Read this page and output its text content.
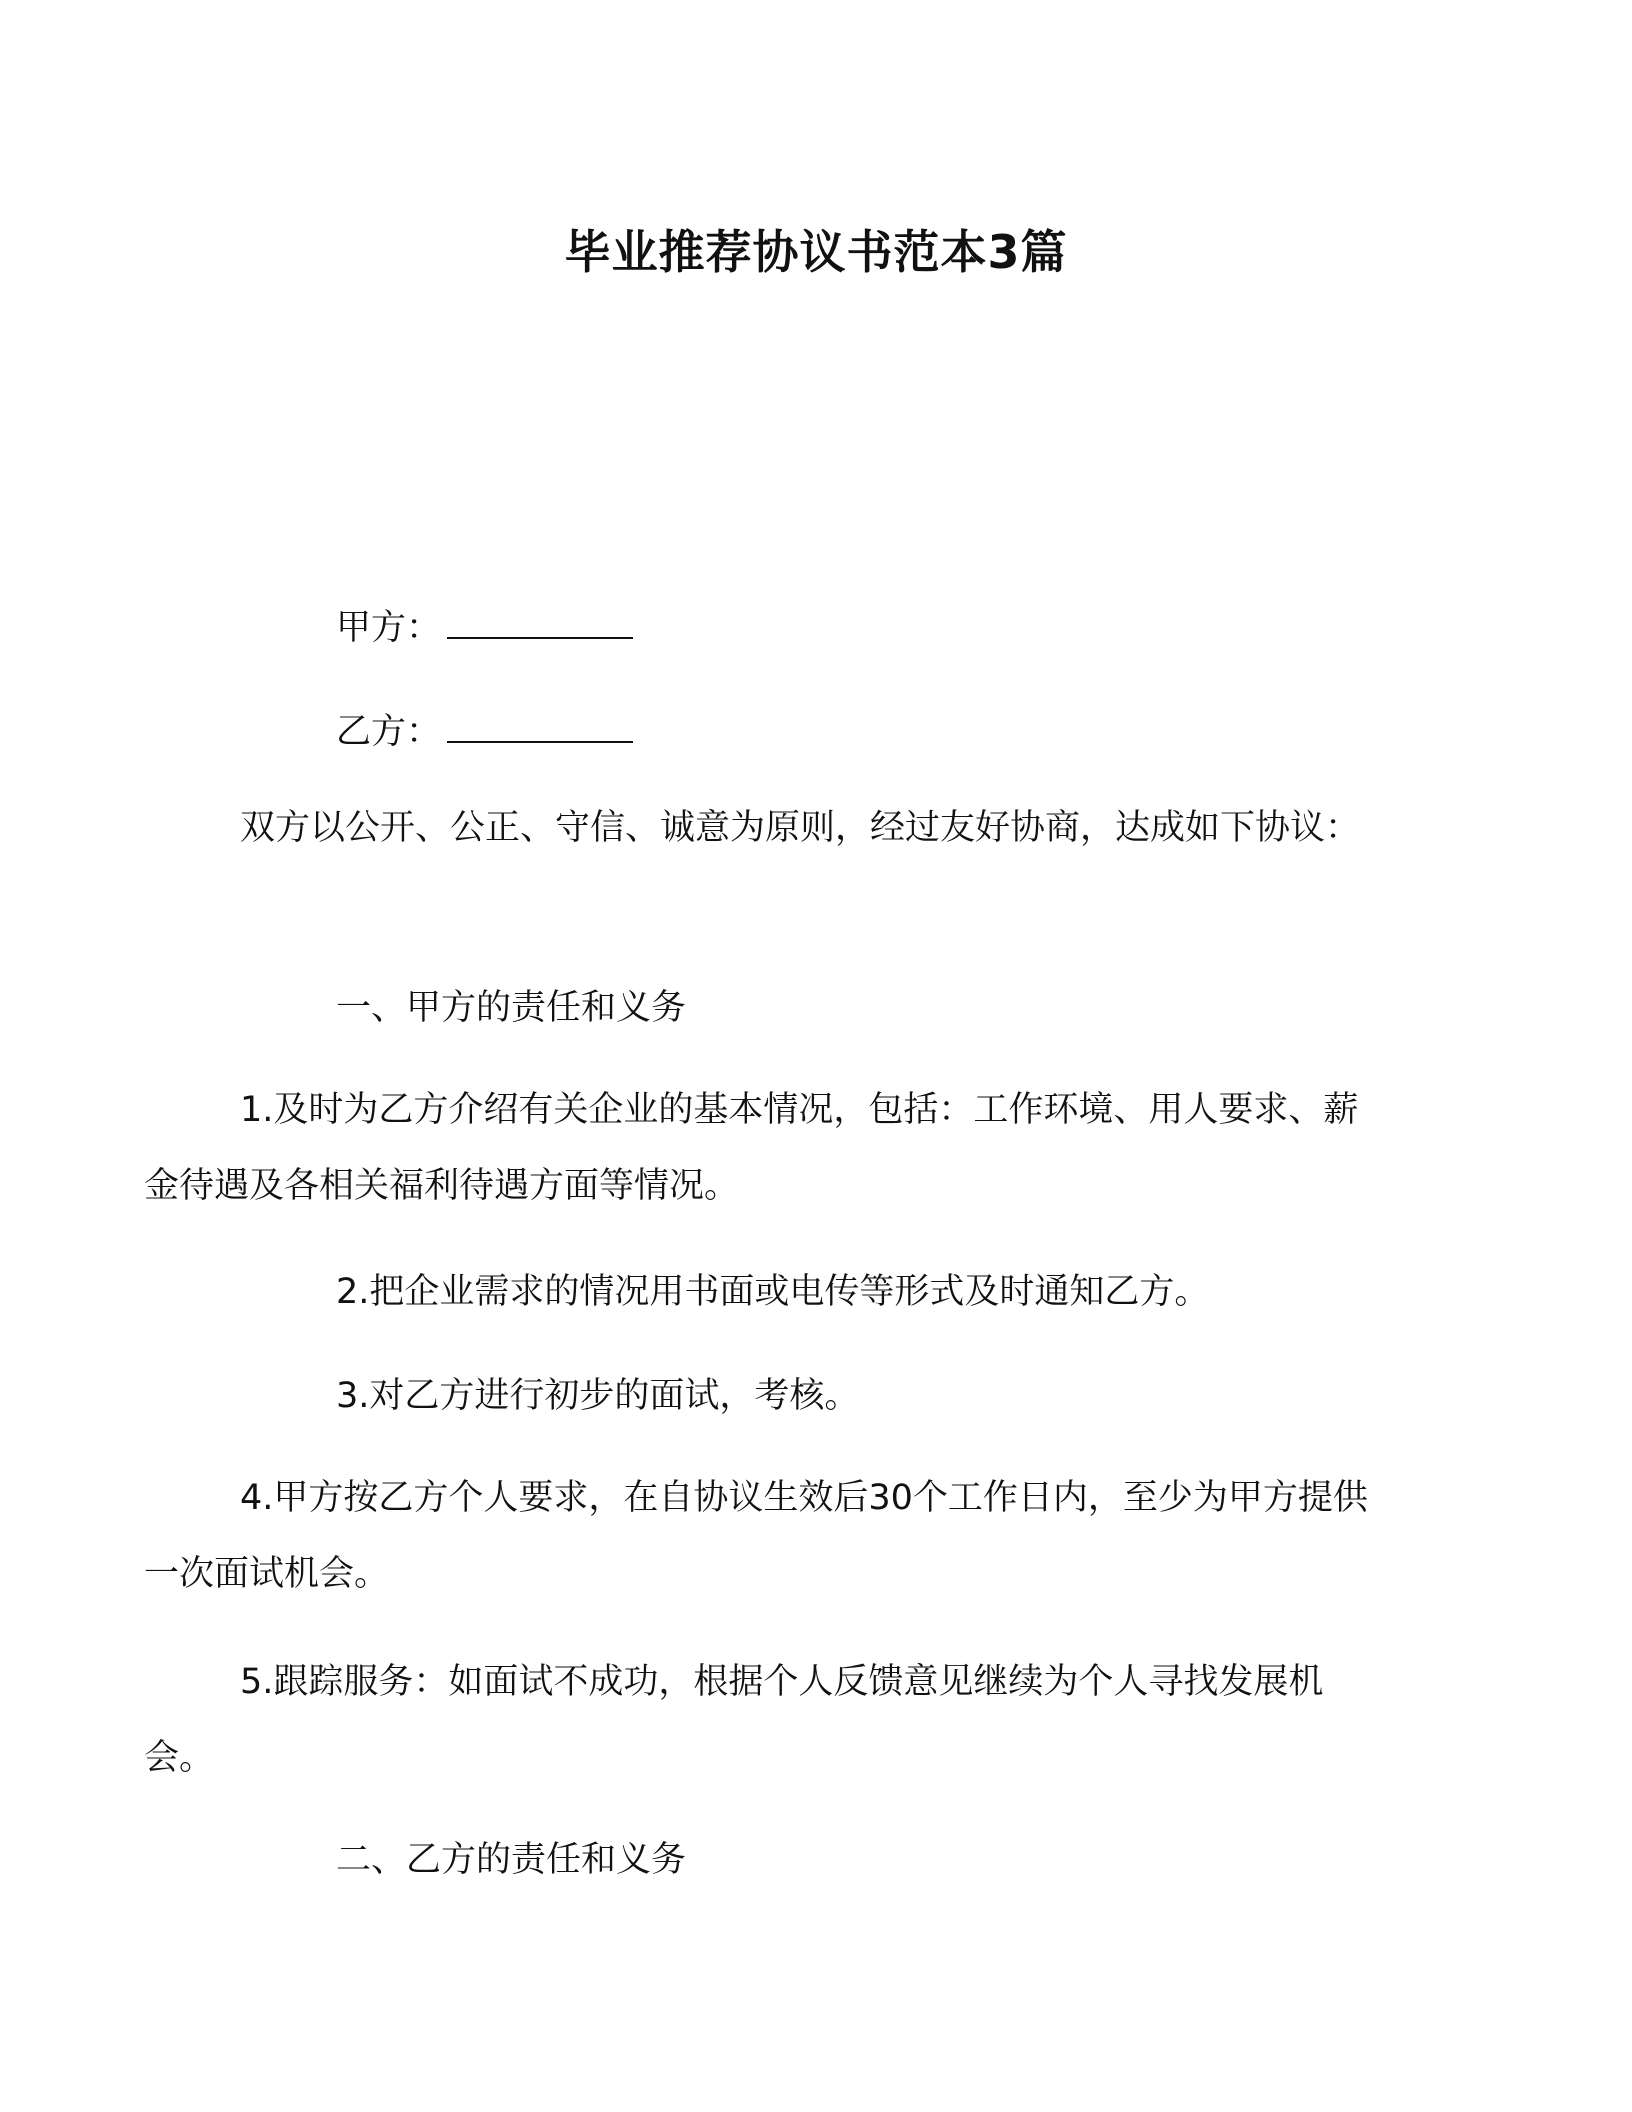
毕业推荐协议书范本3篇

甲方：

乙方：

双方以公开、公正、守信、诚意为原则，经过友好协商，达成如下协议：

一、甲方的责任和义务

1.及时为乙方介绍有关企业的基本情况，包括：工作环境、用人要求、薪金待遇及各相关福利待遇方面等情况。

2.把企业需求的情况用书面或电传等形式及时通知乙方。

3.对乙方进行初步的面试，考核。

4.甲方按乙方个人要求，在自协议生效后30个工作日内，至少为甲方提供一次面试机会。

5.跟踪服务：如面试不成功，根据个人反馈意见继续为个人寻找发展机会。

二、乙方的责任和义务
